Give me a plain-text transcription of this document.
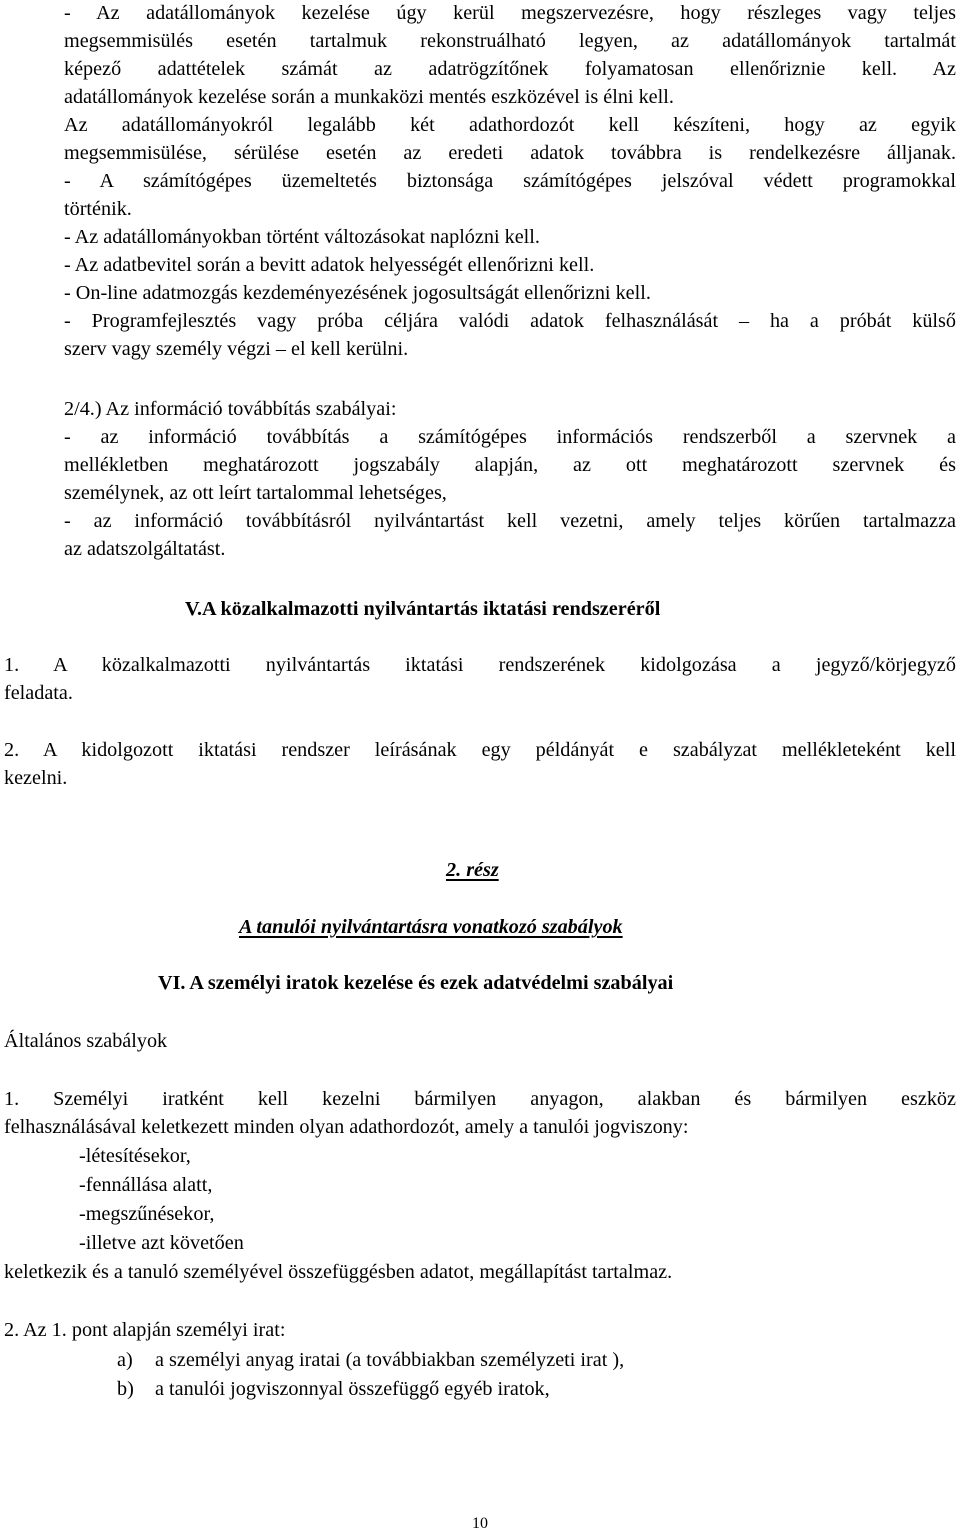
- Az adatállományok kezelése úgy kerül megszervezésre, hogy részleges vagy teljes
megsemmisülés esetén tartalmuk rekonstruálható legyen, az adatállományok tartalmát
képező adattételek számát az adatrögzítőnek folyamatosan ellenőriznie kell. Az
adatállományok kezelése során a munkaközi mentés eszközével is élni kell.
Az adatállományokról legalább két adathordozót kell készíteni, hogy az egyik
megsemmisülése, sérülése esetén az eredeti adatok továbbra is rendelkezésre álljanak.
- A számítógépes üzemeltetés biztonsága számítógépes jelszóval védett programokkal
történik.
- Az adatállományokban történt változásokat naplózni kell.
- Az adatbevitel során a bevitt adatok helyességét ellenőrizni kell.
- On-line adatmozgás kezdeményezésének jogosultságát ellenőrizni kell.
- Programfejlesztés vagy próba céljára valódi adatok felhasználását – ha a próbát külső
szerv vagy személy végzi – el kell kerülni.
2/4.) Az információ továbbítás szabályai:
- az információ továbbítás a számítógépes információs rendszerből a szervnek a
mellékletben meghatározott jogszabály alapján, az ott meghatározott szervnek és
személynek, az ott leírt tartalommal lehetséges,
- az információ továbbításról nyilvántartást kell vezetni, amely teljes körűen tartalmazza
az adatszolgáltatást.
V.A közalkalmazotti nyilvántartás iktatási rendszeréről
1. A közalkalmazotti nyilvántartás iktatási rendszerének kidolgozása a jegyző/körjegyző
feladata.
2. A kidolgozott iktatási rendszer leírásának egy példányát e szabályzat mellékleteként kell
kezelni.
2. rész
A tanulói nyilvántartásra vonatkozó szabályok
VI. A személyi iratok kezelése és ezek adatvédelmi szabályai
Általános szabályok
1. Személyi iratként kell kezelni bármilyen anyagon, alakban és bármilyen eszköz
felhasználásával keletkezett minden olyan adathordozót, amely a tanulói jogviszony:
-létesítésekor,
-fennállása alatt,
-megszűnésekor,
-illetve azt követően
keletkezik és a tanuló személyével összefüggésben adatot, megállapítást tartalmaz.
2. Az 1. pont alapján személyi irat:
a) a személyi anyag iratai (a továbbiakban személyzeti irat ),
b) a tanulói jogviszonnyal összefüggő egyéb iratok,
10
